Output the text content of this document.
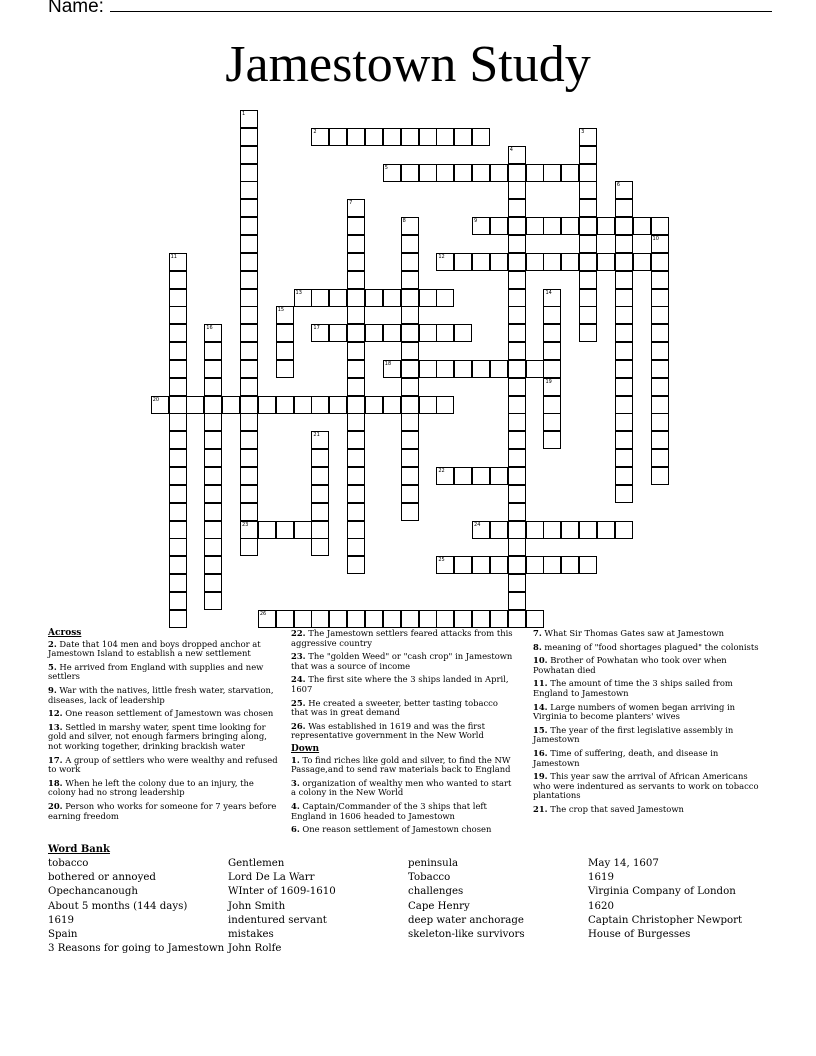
Name:
Jamestown Study
1
23
2	3
4
5
6
7
8	9
10
11	12
13	14
15
16	17
18
19
20
21
22
24
25
26
Across
2. Date that 104 men and boys dropped anchor at Jamestown Island to establish a new settlement
5. He arrived from England with supplies and new settlers
9. War with the natives, little fresh water, starvation, diseases, lack of leadership
12. One reason settlement of Jamestown was chosen
13. Settled in marshy water, spent time looking for gold and silver, not enough farmers bringing along, not working together, drinking brackish water
17. A group of settlers who were wealthy and refused to work
18. When he left the colony due to an injury, the colony had no strong leadership
20. Person who works for someone for 7 years before earning freedom
22. The Jamestown settlers feared attacks from this aggressive country
23. The "golden Weed" or "cash crop" in Jamestown that was a source of income
24. The first site where the 3 ships landed in April, 1607
25. He created a sweeter, better tasting tobacco that was in great demand
26. Was established in 1619 and was the first representative government in the New World
Down
1. To find riches like gold and silver, to find the NW Passage,and to send raw materials back to England
3. organization of wealthy men who wanted to start a colony in the New World
4. Captain/Commander of the 3 ships that left England in 1606 headed to Jamestown
6. One reason settlement of Jamestown chosen
7. What Sir Thomas Gates saw at Jamestown
8. meaning of "food shortages plagued" the colonists
10. Brother of Powhatan who took over when Powhatan died
11. The amount of time the 3 ships sailed from England to Jamestown
14. Large numbers of women began arriving in Virginia to become planters' wives
15. The year of the first legislative assembly in Jamestown
16. Time of suffering, death, and disease in Jamestown
19. This year saw the arrival of African Americans who were indentured as servants to work on tobacco plantations
21. The crop that saved Jamestown
Word Bank
tobacco
bothered or annoyed
Opechancanough
About 5 months (144 days)
1619
Spain
3 Reasons for going to Jamestown
Gentlemen
Lord De La Warr
WInter of 1609-1610
John Smith
indentured servant
mistakes
John Rolfe
peninsula
Tobacco
challenges
Cape Henry
deep water anchorage
skeleton-like survivors
May 14, 1607
1619
Virginia Company of London
1620
Captain Christopher Newport
House of Burgesses
